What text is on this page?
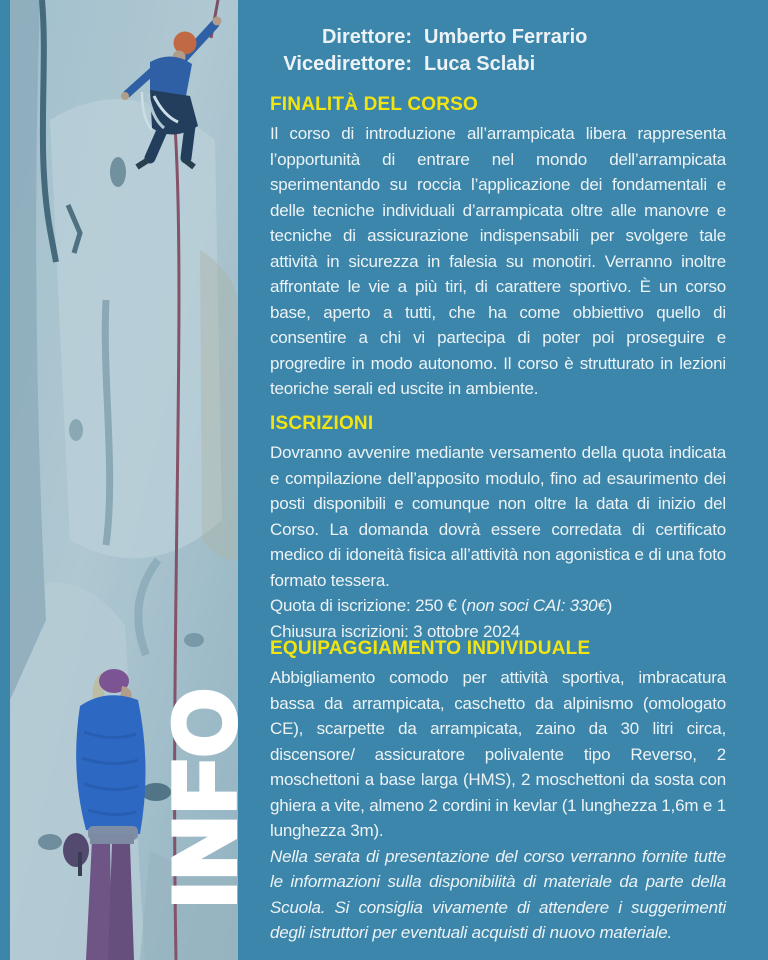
INFO
Direttore: Umberto Ferrario
Vicedirettore: Luca Sclabi
FINALITÀ DEL CORSO

Il corso di introduzione all’arrampicata libera rappresenta l’opportunità di entrare nel mondo dell’arrampicata sperimentando su roccia l’applicazione dei fondamentali e delle tecniche individuali d’arrampicata oltre alle manovre e tecniche di assicurazione indispensabili per svolgere tale attività in sicurezza in falesia su monotiri. Verranno inoltre affrontate le vie a più tiri, di carattere sportivo. È un corso base, aperto a tutti, che ha come obbiettivo quello di consentire a chi vi partecipa di poter poi proseguire e progredire in modo autonomo. Il corso è strutturato in lezioni teoriche serali ed uscite in ambiente.

ISCRIZIONI

Dovranno avvenire mediante versamento della quota indicata e compilazione dell’apposito modulo, fino ad esaurimento dei posti disponibili e comunque non oltre la data di inizio del Corso. La domanda dovrà essere corredata di certificato medico di idoneità fisica all’attività non agonistica e di una foto formato tessera.

Quota di iscrizione: 250 € (non soci CAI: 330€)

Chiusura iscrizioni: 3 ottobre 2024

EQUIPAGGIAMENTO INDIVIDUALE

Abbigliamento comodo per attività sportiva, imbracatura bassa da arrampicata, caschetto da alpinismo (omologato CE), scarpette da arrampicata, zaino da 30 litri circa, discensore/ assicuratore polivalente tipo Reverso, 2 moschettoni a base larga (HMS), 2 moschettoni da sosta con ghiera a vite, almeno 2 cordini in kevlar (1 lunghezza 1,6m e 1 lunghezza 3m).

Nella serata di presentazione del corso verranno fornite tutte le informazioni sulla disponibilità di materiale da parte della Scuola. Si consiglia vivamente di attendere i suggerimenti degli istruttori per eventuali acquisti di nuovo materiale.
